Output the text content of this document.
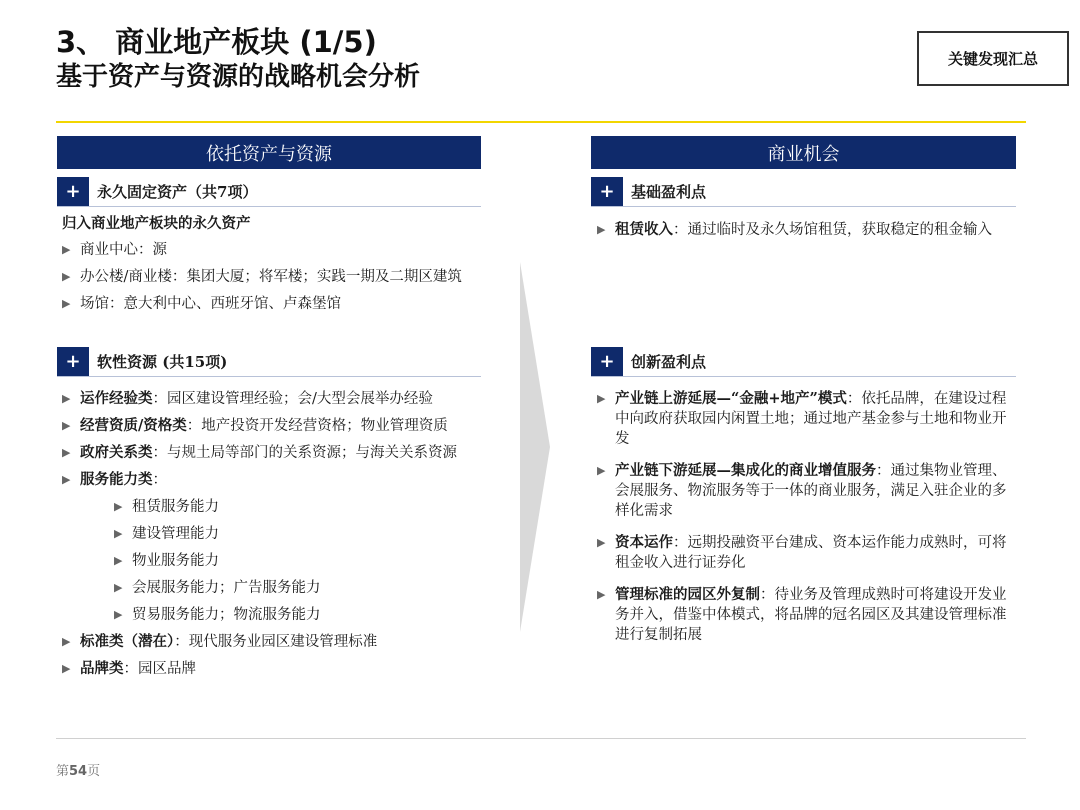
3、 商业地产板块 (1/5)
基于资产与资源的战略机会分析
关键发现汇总
依托资产与资源	商业机会
+	永久固定资产（共7项）
归入商业地产板块的永久资产
▶ 商业中心：源
▶ 办公楼/商业楼：集团大厦；将军楼；实践一期及二期区建筑
▶ 场馆：意大利中心、西班牙馆、卢森堡馆
+	软性资源 (共15项)
▶ 运作经验类：园区建设管理经验；会/大型会展举办经验
▶ 经营资质/资格类：地产投资开发经营资格；物业管理资质
▶ 政府关系类：与规土局等部门的关系资源；与海关关系资源
▶ 服务能力类：
▶ 租赁服务能力
▶ 建设管理能力
▶ 物业服务能力
▶ 会展服务能力；广告服务能力
▶ 贸易服务能力；物流服务能力
▶ 标准类（潜在）：现代服务业园区建设管理标准
▶ 品牌类：园区品牌
+	基础盈利点
▶ 租赁收入：通过临时及永久场馆租赁，获取稳定的租金输入
+	创新盈利点
▶ 产业链上游延展—“金融+地产”模式：依托品牌，在建设过程中向政府获取园内闲置土地；通过地产基金参与土地和物业开发
▶ 产业链下游延展—集成化的商业增值服务：通过集物业管理、会展服务、物流服务等于一体的商业服务，满足入驻企业的多样化需求
▶ 资本运作：远期投融资平台建成、资本运作能力成熟时，可将租金收入进行证券化
▶ 管理标准的园区外复制：待业务及管理成熟时可将建设开发业务并入，借鉴中体模式，将品牌的冠名园区及其建设管理标准进行复制拓展
第54页
